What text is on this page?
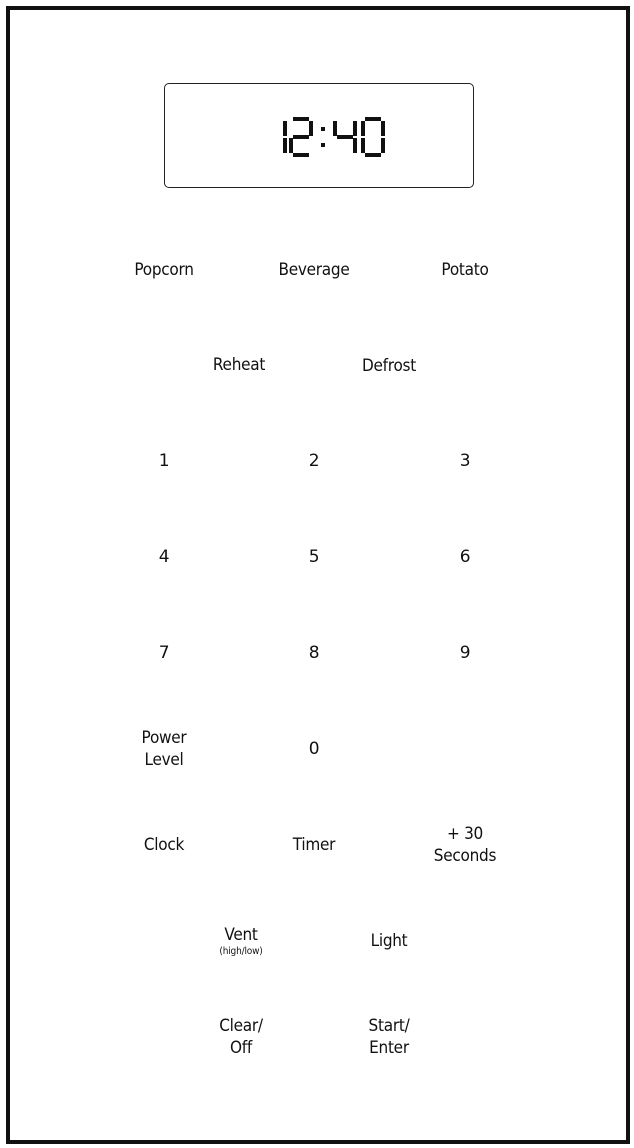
Popcorn	Beverage	Potato
Reheat	Defrost
1	2	3
4	5	6
7	8	9
Power
Level
0
Clock	Timer
+ 30
Seconds
Vent
(high/low)
Light
Clear/
Off
Start/
Enter
